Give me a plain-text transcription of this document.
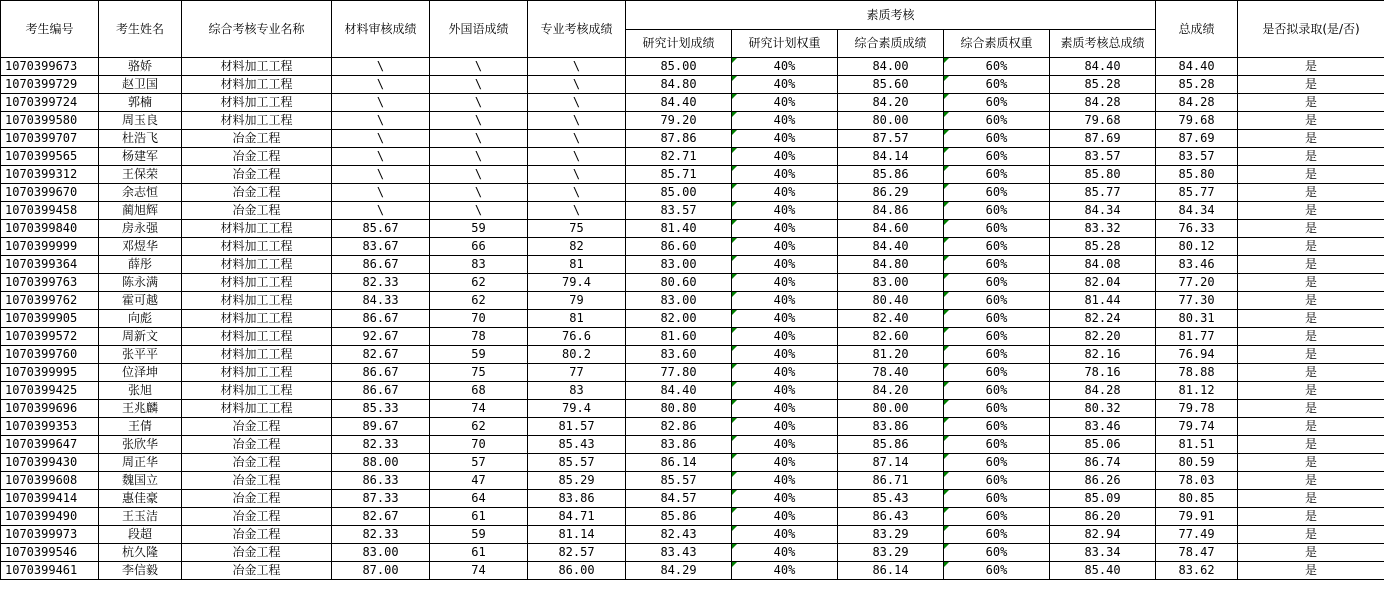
考生编号	考生姓名	综合考核专业名称	材料审核成绩	外国语成绩	专业考核成绩	素质考核					总成绩	是否拟录取(是/否)
						研究计划成绩	研究计划权重	综合素质成绩	综合素质权重	素质考核总成绩		
1070399673	骆娇	材料加工工程	\	\	\	85.00	40%	84.00	60%	84.40	84.40	是
1070399729	赵卫国	材料加工工程	\	\	\	84.80	40%	85.60	60%	85.28	85.28	是
1070399724	郭楠	材料加工工程	\	\	\	84.40	40%	84.20	60%	84.28	84.28	是
1070399580	周玉良	材料加工工程	\	\	\	79.20	40%	80.00	60%	79.68	79.68	是
1070399707	杜浩飞	冶金工程	\	\	\	87.86	40%	87.57	60%	87.69	87.69	是
1070399565	杨建军	冶金工程	\	\	\	82.71	40%	84.14	60%	83.57	83.57	是
1070399312	王保荣	冶金工程	\	\	\	85.71	40%	85.86	60%	85.80	85.80	是
1070399670	余志恒	冶金工程	\	\	\	85.00	40%	86.29	60%	85.77	85.77	是
1070399458	蔺旭辉	冶金工程	\	\	\	83.57	40%	84.86	60%	84.34	84.34	是
1070399840	房永强	材料加工工程	85.67	59	75	81.40	40%	84.60	60%	83.32	76.33	是
1070399999	邓煜华	材料加工工程	83.67	66	82	86.60	40%	84.40	60%	85.28	80.12	是
1070399364	薛彤	材料加工工程	86.67	83	81	83.00	40%	84.80	60%	84.08	83.46	是
1070399763	陈永满	材料加工工程	82.33	62	79.4	80.60	40%	83.00	60%	82.04	77.20	是
1070399762	霍可越	材料加工工程	84.33	62	79	83.00	40%	80.40	60%	81.44	77.30	是
1070399905	向彪	材料加工工程	86.67	70	81	82.00	40%	82.40	60%	82.24	80.31	是
1070399572	周新文	材料加工工程	92.67	78	76.6	81.60	40%	82.60	60%	82.20	81.77	是
1070399760	张平平	材料加工工程	82.67	59	80.2	83.60	40%	81.20	60%	82.16	76.94	是
1070399995	位泽坤	材料加工工程	86.67	75	77	77.80	40%	78.40	60%	78.16	78.88	是
1070399425	张旭	材料加工工程	86.67	68	83	84.40	40%	84.20	60%	84.28	81.12	是
1070399696	王兆麟	材料加工工程	85.33	74	79.4	80.80	40%	80.00	60%	80.32	79.78	是
1070399353	王倩	冶金工程	89.67	62	81.57	82.86	40%	83.86	60%	83.46	79.74	是
1070399647	张欣华	冶金工程	82.33	70	85.43	83.86	40%	85.86	60%	85.06	81.51	是
1070399430	周正华	冶金工程	88.00	57	85.57	86.14	40%	87.14	60%	86.74	80.59	是
1070399608	魏国立	冶金工程	86.33	47	85.29	85.57	40%	86.71	60%	86.26	78.03	是
1070399414	惠佳豪	冶金工程	87.33	64	83.86	84.57	40%	85.43	60%	85.09	80.85	是
1070399490	王玉洁	冶金工程	82.67	61	84.71	85.86	40%	86.43	60%	86.20	79.91	是
1070399973	段超	冶金工程	82.33	59	81.14	82.43	40%	83.29	60%	82.94	77.49	是
1070399546	杭久隆	冶金工程	83.00	61	82.57	83.43	40%	83.29	60%	83.34	78.47	是
1070399461	李信毅	冶金工程	87.00	74	86.00	84.29	40%	86.14	60%	85.40	83.62	是
